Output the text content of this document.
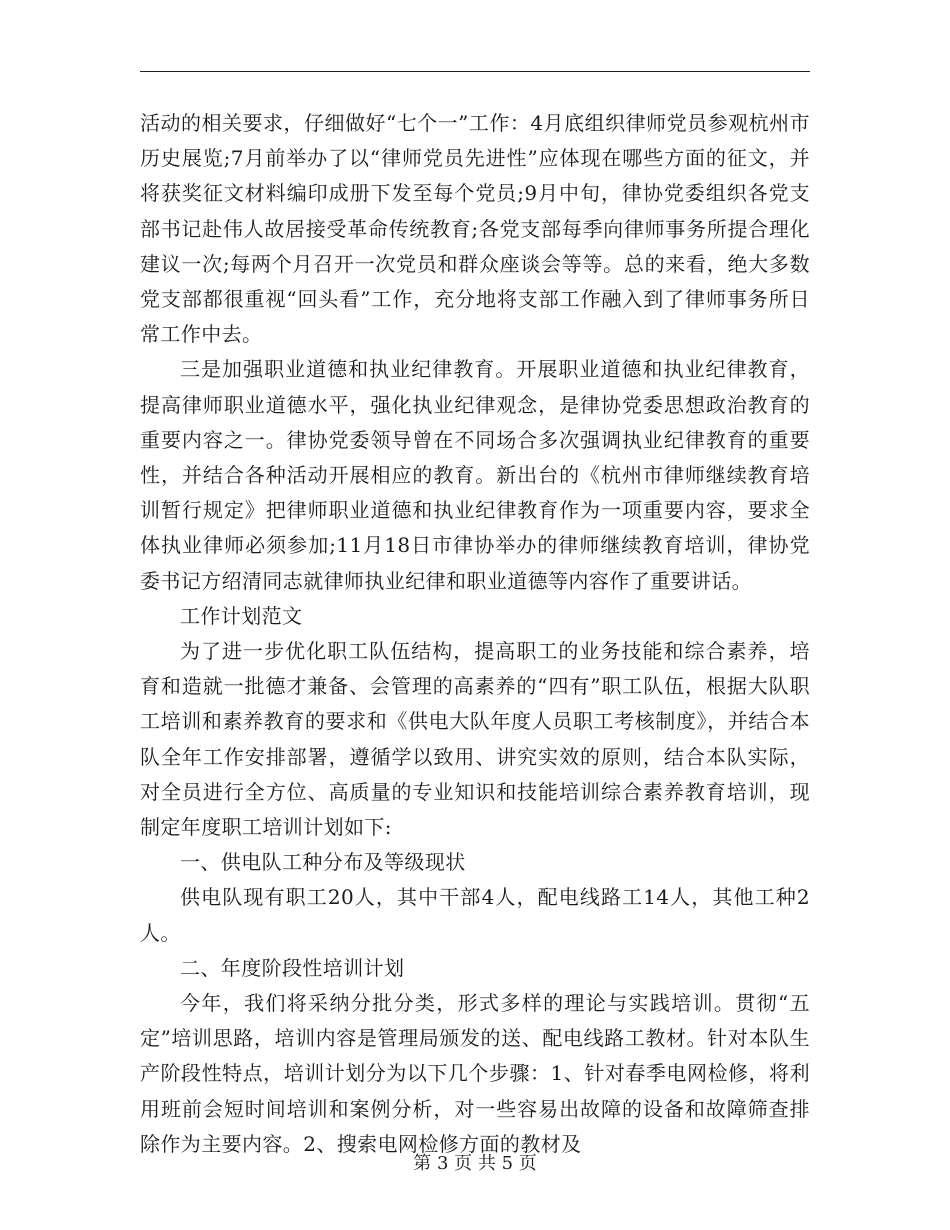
活动的相关要求，仔细做好“七个一”工作：4月底组织律师党员参观杭州市历史展览;7月前举办了以“律师党员先进性”应体现在哪些方面的征文，并将获奖征文材料编印成册下发至每个党员;9月中旬，律协党委组织各党支部书记赴伟人故居接受革命传统教育;各党支部每季向律师事务所提合理化建议一次;每两个月召开一次党员和群众座谈会等等。总的来看，绝大多数党支部都很重视“回头看”工作，充分地将支部工作融入到了律师事务所日常工作中去。

三是加强职业道德和执业纪律教育。开展职业道德和执业纪律教育，提高律师职业道德水平，强化执业纪律观念，是律协党委思想政治教育的重要内容之一。律协党委领导曾在不同场合多次强调执业纪律教育的重要性，并结合各种活动开展相应的教育。新出台的《杭州市律师继续教育培训暂行规定》把律师职业道德和执业纪律教育作为一项重要内容，要求全体执业律师必须参加;11月18日市律协举办的律师继续教育培训，律协党委书记方绍清同志就律师执业纪律和职业道德等内容作了重要讲话。

工作计划范文

为了进一步优化职工队伍结构，提高职工的业务技能和综合素养，培育和造就一批德才兼备、会管理的高素养的“四有”职工队伍，根据大队职工培训和素养教育的要求和《供电大队年度人员职工考核制度》，并结合本队全年工作安排部署，遵循学以致用、讲究实效的原则，结合本队实际，对全员进行全方位、高质量的专业知识和技能培训综合素养教育培训，现制定年度职工培训计划如下:

一、供电队工种分布及等级现状

供电队现有职工20人，其中干部4人，配电线路工14人，其他工种2人。

二、年度阶段性培训计划

今年，我们将采纳分批分类，形式多样的理论与实践培训。贯彻“五定”培训思路，培训内容是管理局颁发的送、配电线路工教材。针对本队生产阶段性特点，培训计划分为以下几个步骤：1、针对春季电网检修，将利用班前会短时间培训和案例分析，对一些容易出故障的设备和故障筛查排除作为主要内容。2、搜索电网检修方面的教材及

第 3 页 共 5 页
